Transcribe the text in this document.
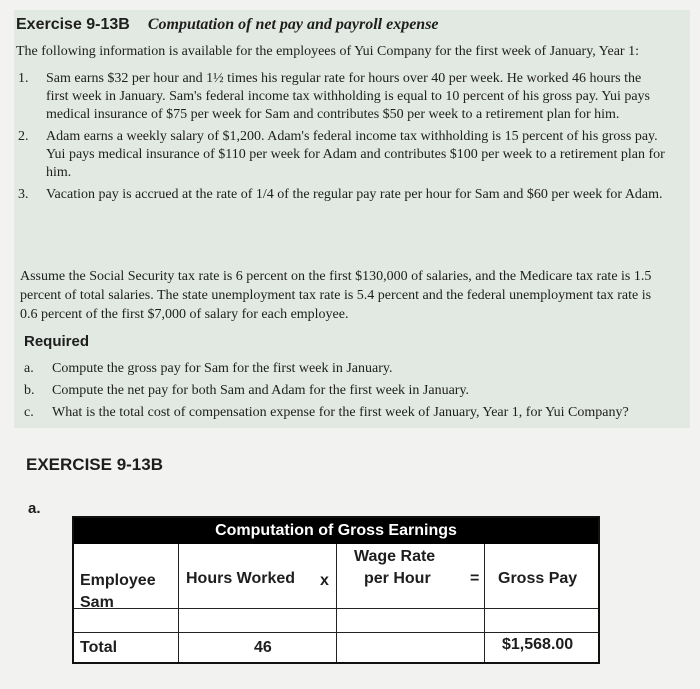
Exercise 9-13B Computation of net pay and payroll expense
The following information is available for the employees of Yui Company for the first week of January, Year 1:
1. Sam earns $32 per hour and 1½ times his regular rate for hours over 40 per week. He worked 46 hours the first week in January. Sam's federal income tax withholding is equal to 10 percent of his gross pay. Yui pays medical insurance of $75 per week for Sam and contributes $50 per week to a retirement plan for him.
2. Adam earns a weekly salary of $1,200. Adam's federal income tax withholding is 15 percent of his gross pay. Yui pays medical insurance of $110 per week for Adam and contributes $100 per week to a retirement plan for him.
3. Vacation pay is accrued at the rate of 1/4 of the regular pay rate per hour for Sam and $60 per week for Adam.
Assume the Social Security tax rate is 6 percent on the first $130,000 of salaries, and the Medicare tax rate is 1.5 percent of total salaries. The state unemployment tax rate is 5.4 percent and the federal unemployment tax rate is 0.6 percent of the first $7,000 of salary for each employee.
Required
a. Compute the gross pay for Sam for the first week in January.
b. Compute the net pay for both Sam and Adam for the first week in January.
c. What is the total cost of compensation expense for the first week of January, Year 1, for Yui Company?
EXERCISE 9-13B
a.
Computation of Gross Earnings
Employee Hours Worked x
Wage Rate
per Hour = Gross Pay
Sam
Total	46	$1,568.00
